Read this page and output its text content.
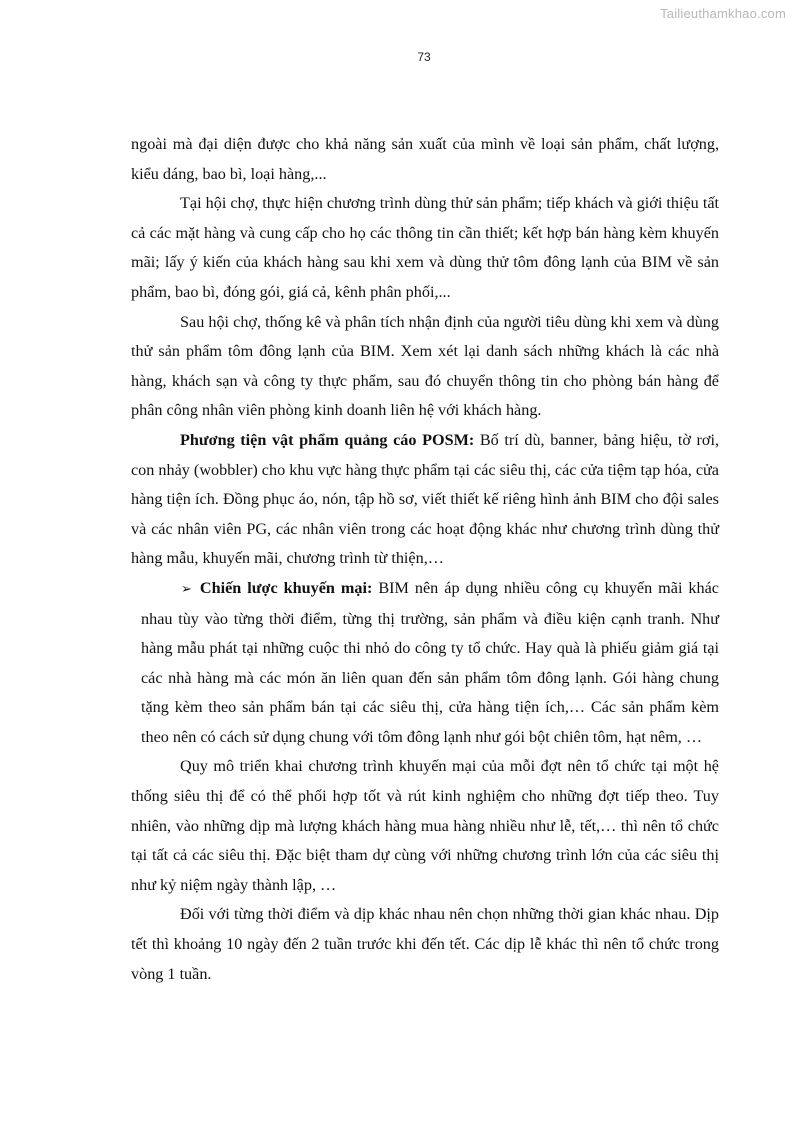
Tailieuthamkhao.com
73

ngoài mà đại diện được cho khả năng sản xuất của mình về loại sản phẩm, chất lượng, kiểu dáng, bao bì, loại hàng,...

Tại hội chợ, thực hiện chương trình dùng thử sản phẩm; tiếp khách và giới thiệu tất cả các mặt hàng và cung cấp cho họ các thông tin cần thiết; kết hợp bán hàng kèm khuyến mãi; lấy ý kiến của khách hàng sau khi xem và dùng thử tôm đông lạnh của BIM về sản phẩm, bao bì, đóng gói, giá cả, kênh phân phối,...

Sau hội chợ, thống kê và phân tích nhận định của người tiêu dùng khi xem và dùng thử sản phẩm tôm đông lạnh của BIM. Xem xét lại danh sách những khách là các nhà hàng, khách sạn và công ty thực phẩm, sau đó chuyển thông tin cho phòng bán hàng để phân công nhân viên phòng kinh doanh liên hệ với khách hàng.

Phương tiện vật phẩm quảng cáo POSM: Bố trí dù, banner, bảng hiệu, tờ rơi, con nhảy (wobbler) cho khu vực hàng thực phẩm tại các siêu thị, các cửa tiệm tạp hóa, cửa hàng tiện ích. Đồng phục áo, nón, tập hồ sơ, viết thiết kế riêng hình ảnh BIM cho đội sales và các nhân viên PG, các nhân viên trong các hoạt động khác như chương trình dùng thử hàng mẫu, khuyến mãi, chương trình từ thiện,…

➢ Chiến lược khuyến mại: BIM nên áp dụng nhiều công cụ khuyến mãi khác nhau tùy vào từng thời điểm, từng thị trường, sản phẩm và điều kiện cạnh tranh. Như hàng mẫu phát tại những cuộc thi nhỏ do công ty tổ chức. Hay quà là phiếu giảm giá tại các nhà hàng mà các món ăn liên quan đến sản phẩm tôm đông lạnh. Gói hàng chung tặng kèm theo sản phẩm bán tại các siêu thị, cửa hàng tiện ích,… Các sản phẩm kèm theo nên có cách sử dụng chung với tôm đông lạnh như gói bột chiên tôm, hạt nêm, …

Quy mô triển khai chương trình khuyến mại của mỗi đợt nên tổ chức tại một hệ thống siêu thị để có thể phối hợp tốt và rút kinh nghiệm cho những đợt tiếp theo. Tuy nhiên, vào những dịp mà lượng khách hàng mua hàng nhiều như lễ, tết,… thì nên tổ chức tại tất cả các siêu thị. Đặc biệt tham dự cùng với những chương trình lớn của các siêu thị như kỷ niệm ngày thành lập, …

Đối với từng thời điểm và dịp khác nhau nên chọn những thời gian khác nhau. Dịp tết thì khoảng 10 ngày đến 2 tuần trước khi đến tết. Các dịp lễ khác thì nên tổ chức trong vòng 1 tuần.
